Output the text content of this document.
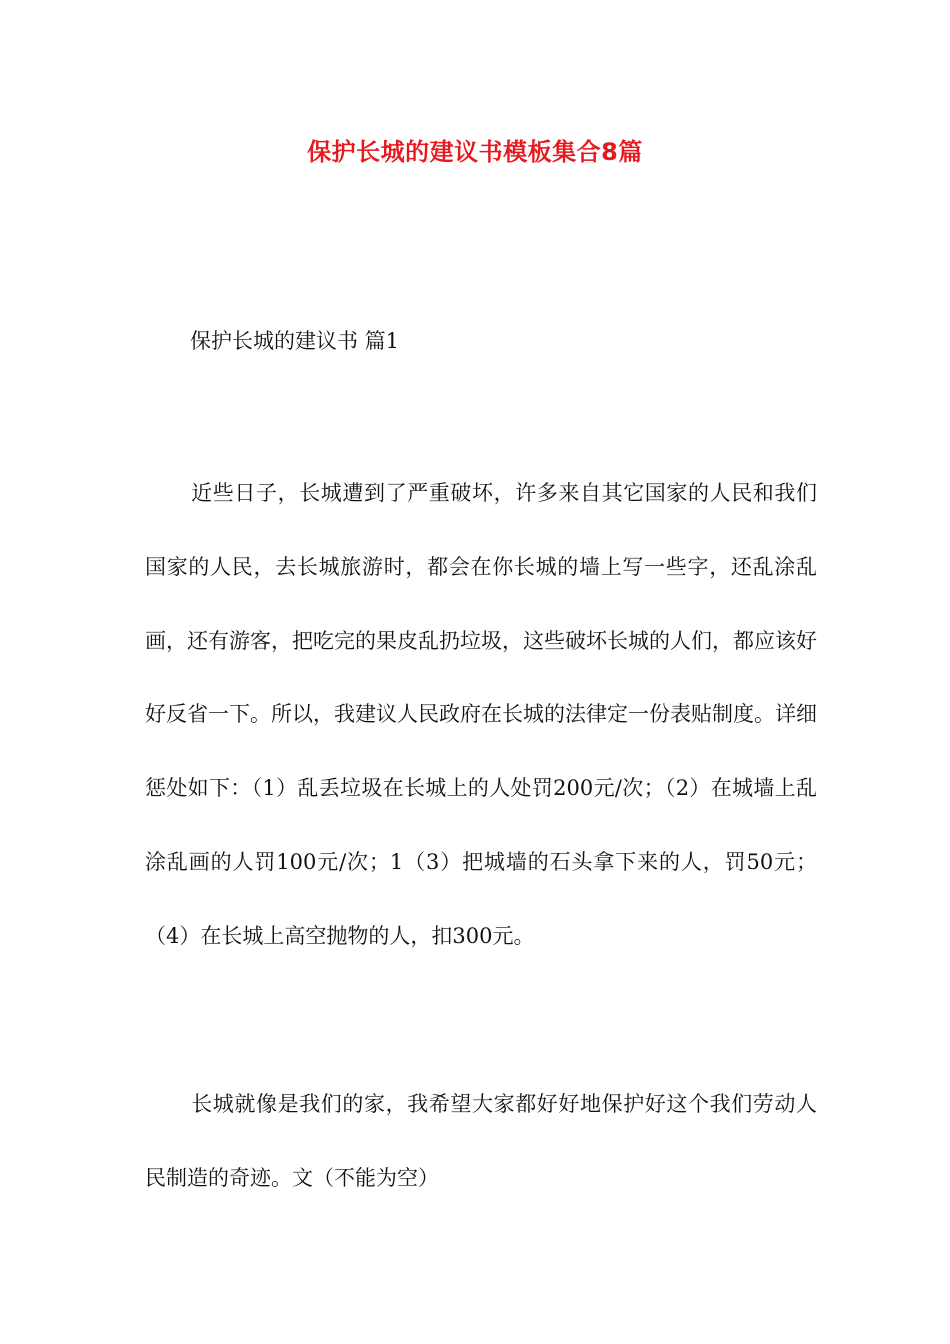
保护长城的建议书模板集合8篇

保护长城的建议书 篇1

近些日子，长城遭到了严重破坏，许多来自其它国家的人民和我们国家的人民，去长城旅游时，都会在你长城的墙上写一些字，还乱涂乱画，还有游客，把吃完的果皮乱扔垃圾，这些破坏长城的人们，都应该好好反省一下。所以，我建议人民政府在长城的法律定一份表贴制度。详细惩处如下：（1）乱丢垃圾在长城上的人处罚200元/次；（2）在城墙上乱涂乱画的人罚100元/次；1（3）把城墙的石头拿下来的人，罚50元；（4）在长城上高空抛物的人，扣300元。

长城就像是我们的家，我希望大家都好好地保护好这个我们劳动人民制造的奇迹。文（不能为空）
